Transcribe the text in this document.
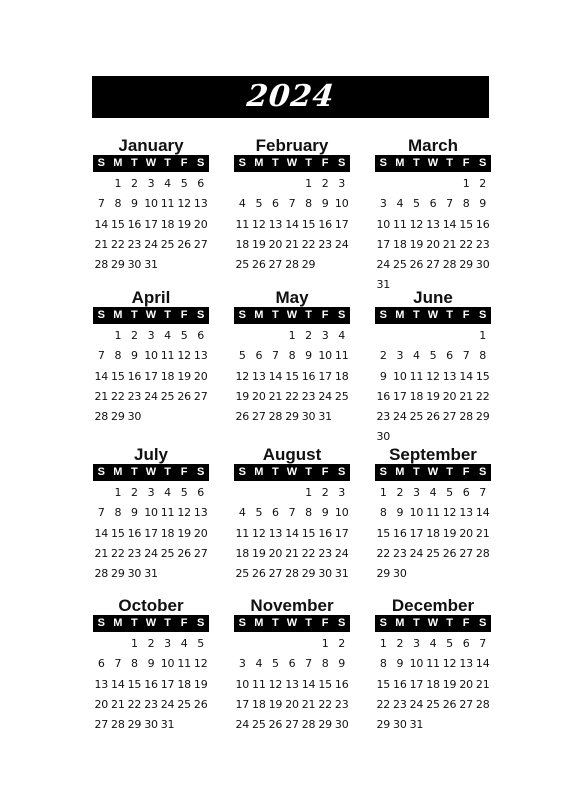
2024
January
S M T W T F S
1 2 3 4 5 6
7 8 9 10 11 12 13
14 15 16 17 18 19 20
21 22 23 24 25 26 27
28 29 30 31
February
S M T W T F S
1 2 3
4 5 6 7 8 9 10
11 12 13 14 15 16 17
18 19 20 21 22 23 24
25 26 27 28 29
March
S M T W T F S
1 2
3 4 5 6 7 8 9
10 11 12 13 14 15 16
17 18 19 20 21 22 23
24 25 26 27 28 29 30
31
April
S M T W T F S
1 2 3 4 5 6
7 8 9 10 11 12 13
14 15 16 17 18 19 20
21 22 23 24 25 26 27
28 29 30
May
S M T W T F S
1 2 3 4
5 6 7 8 9 10 11
12 13 14 15 16 17 18
19 20 21 22 23 24 25
26 27 28 29 30 31
June
S M T W T F S
1
2 3 4 5 6 7 8
9 10 11 12 13 14 15
16 17 18 19 20 21 22
23 24 25 26 27 28 29
30
July
S M T W T F S
1 2 3 4 5 6
7 8 9 10 11 12 13
14 15 16 17 18 19 20
21 22 23 24 25 26 27
28 29 30 31
August
S M T W T F S
1 2 3
4 5 6 7 8 9 10
11 12 13 14 15 16 17
18 19 20 21 22 23 24
25 26 27 28 29 30 31
September
S M T W T F S
1 2 3 4 5 6 7
8 9 10 11 12 13 14
15 16 17 18 19 20 21
22 23 24 25 26 27 28
29 30
October
S M T W T F S
1 2 3 4 5
6 7 8 9 10 11 12
13 14 15 16 17 18 19
20 21 22 23 24 25 26
27 28 29 30 31
November
S M T W T F S
1 2
3 4 5 6 7 8 9
10 11 12 13 14 15 16
17 18 19 20 21 22 23
24 25 26 27 28 29 30
December
S M T W T F S
1 2 3 4 5 6 7
8 9 10 11 12 13 14
15 16 17 18 19 20 21
22 23 24 25 26 27 28
29 30 31
